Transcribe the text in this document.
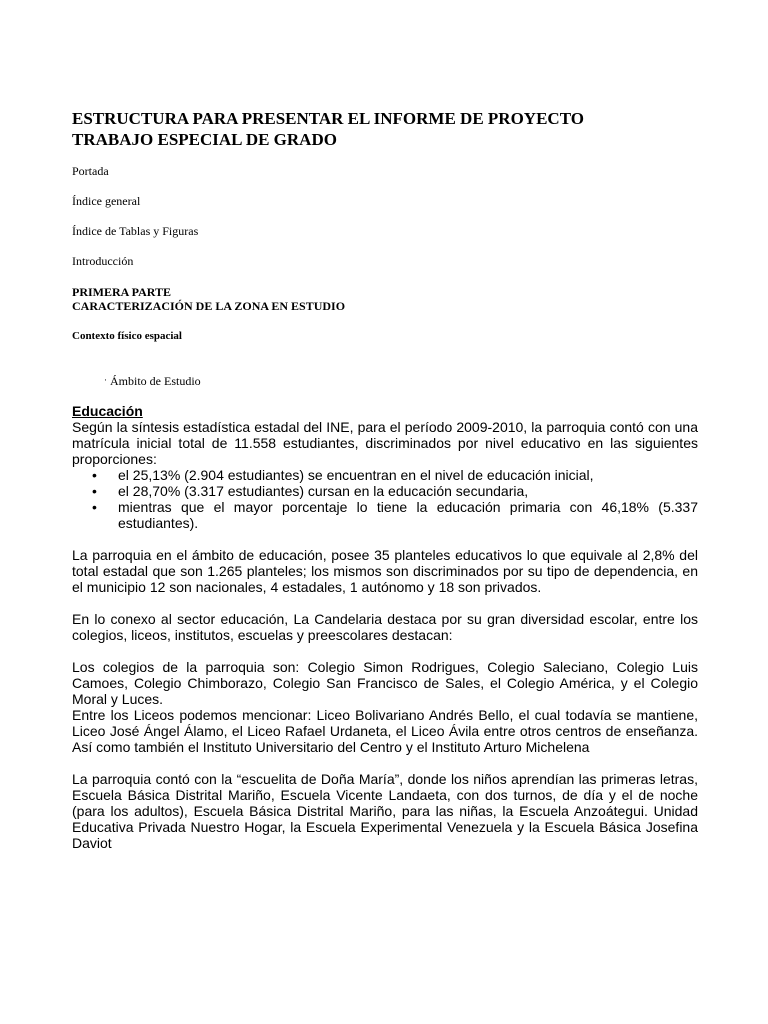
ESTRUCTURA PARA PRESENTAR EL INFORME DE PROYECTO
TRABAJO ESPECIAL DE GRADO
Portada
Índice general
Índice de Tablas y Figuras
Introducción
PRIMERA PARTE
CARACTERIZACIÓN DE LA ZONA EN ESTUDIO
Contexto físico espacial
· Ámbito de Estudio

Educación

Según la síntesis estadística estadal del INE, para el período 2009-2010, la parroquia contó con una matrícula inicial total de 11.558 estudiantes, discriminados por nivel educativo en las siguientes proporciones:

• el 25,13% (2.904 estudiantes) se encuentran en el nivel de educación inicial,
• el 28,70% (3.317 estudiantes) cursan en la educación secundaria,
• mientras que el mayor porcentaje lo tiene la educación primaria con 46,18% (5.337 estudiantes).

La parroquia en el ámbito de educación, posee 35 planteles educativos lo que equivale al 2,8% del total estadal que son 1.265 planteles; los mismos son discriminados por su tipo de dependencia, en el municipio 12 son nacionales, 4 estadales, 1 autónomo y 18 son privados.

En lo conexo al sector educación, La Candelaria destaca por su gran diversidad escolar, entre los colegios, liceos, institutos, escuelas y preescolares destacan:

Los colegios de la parroquia son: Colegio Simon Rodrigues, Colegio Saleciano, Colegio Luis Camoes, Colegio Chimborazo, Colegio San Francisco de Sales, el Colegio América, y el Colegio Moral y Luces.

Entre los Liceos podemos mencionar: Liceo Bolivariano Andrés Bello, el cual todavía se mantiene, Liceo José Ángel Álamo, el Liceo Rafael Urdaneta, el Liceo Ávila entre otros centros de enseñanza. Así como también el Instituto Universitario del Centro y el Instituto Arturo Michelena

La parroquia contó con la “escuelita de Doña María”, donde los niños aprendían las primeras letras, Escuela Básica Distrital Mariño, Escuela Vicente Landaeta, con dos turnos, de día y el de noche (para los adultos), Escuela Básica Distrital Mariño, para las niñas, la Escuela Anzoátegui. Unidad Educativa Privada Nuestro Hogar, la Escuela Experimental Venezuela y la Escuela Básica Josefina Daviot
